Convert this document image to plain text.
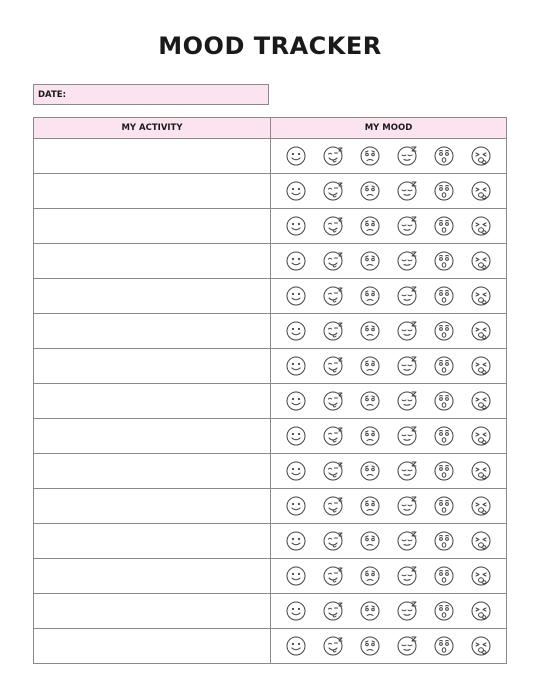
MOOD TRACKER
DATE:
MY ACTIVITY	MY MOOD
